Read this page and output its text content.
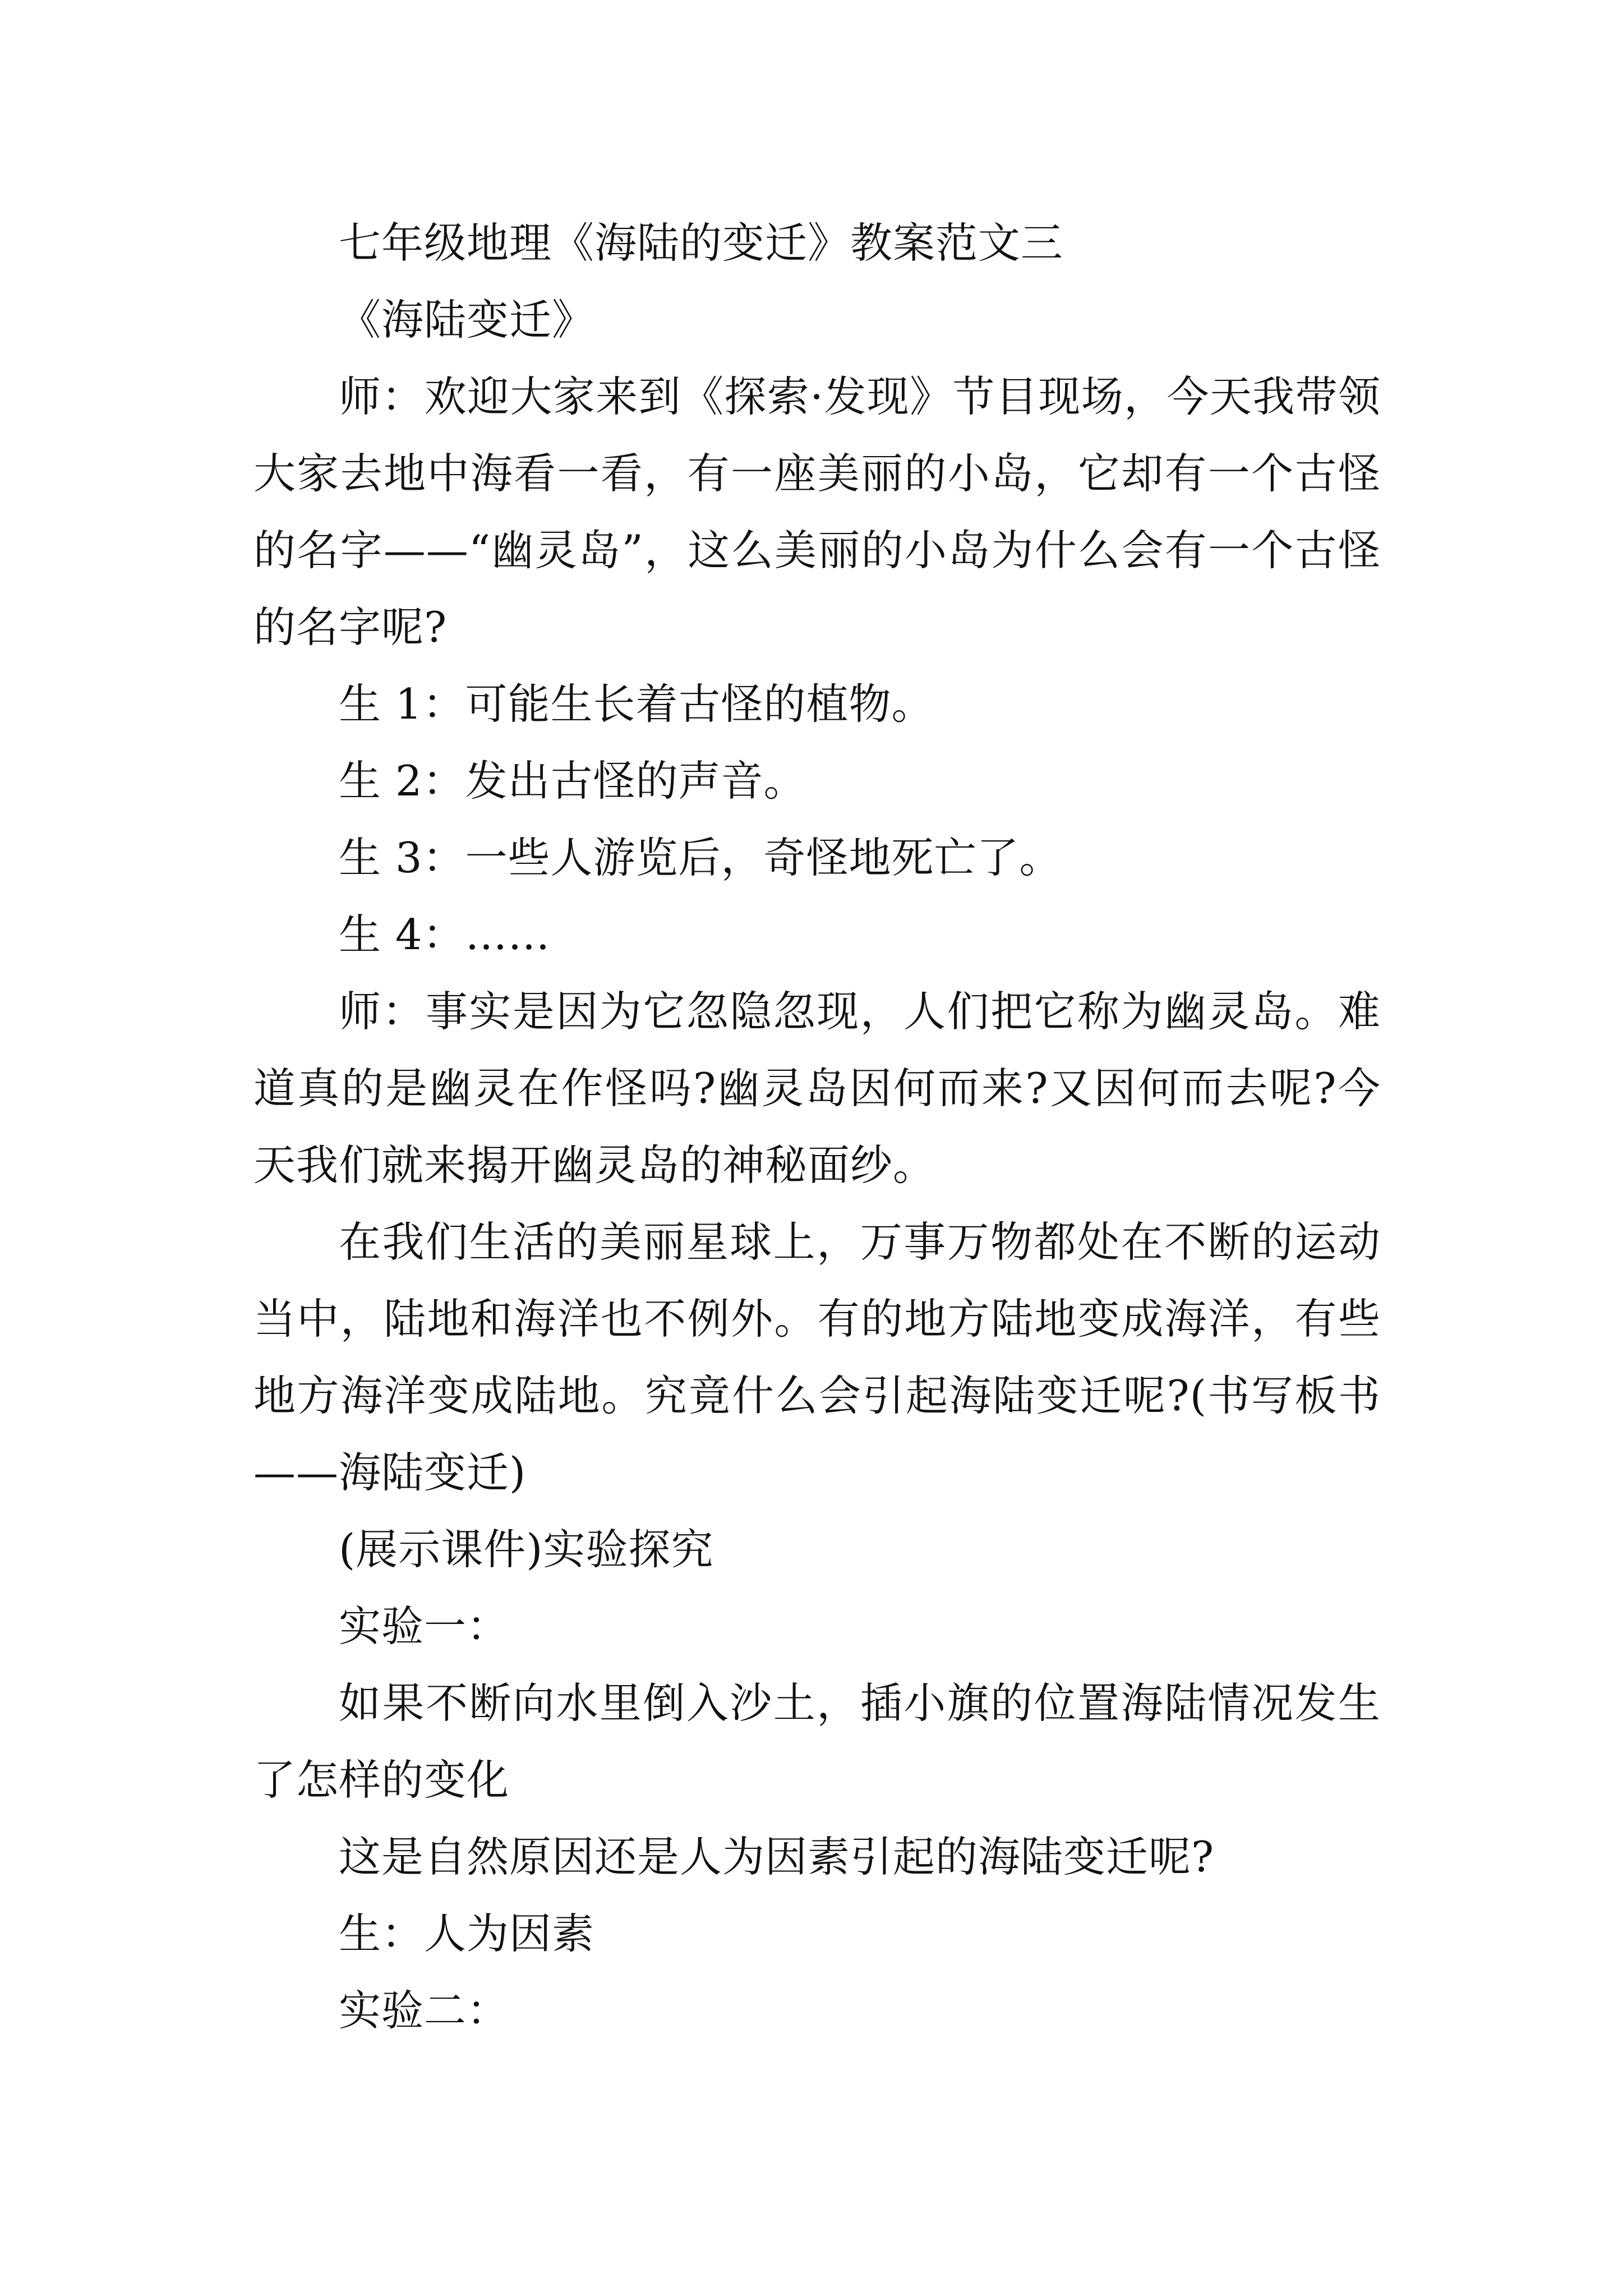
七年级地理《海陆的变迁》教案范文三

《海陆变迁》

师：欢迎大家来到《探索·发现》节目现场，今天我带领大家去地中海看一看，有一座美丽的小岛，它却有一个古怪的名字——“幽灵岛”，这么美丽的小岛为什么会有一个古怪的名字呢?

生 1：可能生长着古怪的植物。

生 2：发出古怪的声音。

生 3：一些人游览后，奇怪地死亡了。

生 4：……

师：事实是因为它忽隐忽现，人们把它称为幽灵岛。难道真的是幽灵在作怪吗?幽灵岛因何而来?又因何而去呢?今天我们就来揭开幽灵岛的神秘面纱。

在我们生活的美丽星球上，万事万物都处在不断的运动当中，陆地和海洋也不例外。有的地方陆地变成海洋，有些地方海洋变成陆地。究竟什么会引起海陆变迁呢?(书写板书——海陆变迁)

(展示课件)实验探究

实验一：

如果不断向水里倒入沙土，插小旗的位置海陆情况发生了怎样的变化

这是自然原因还是人为因素引起的海陆变迁呢?

生：人为因素

实验二：
